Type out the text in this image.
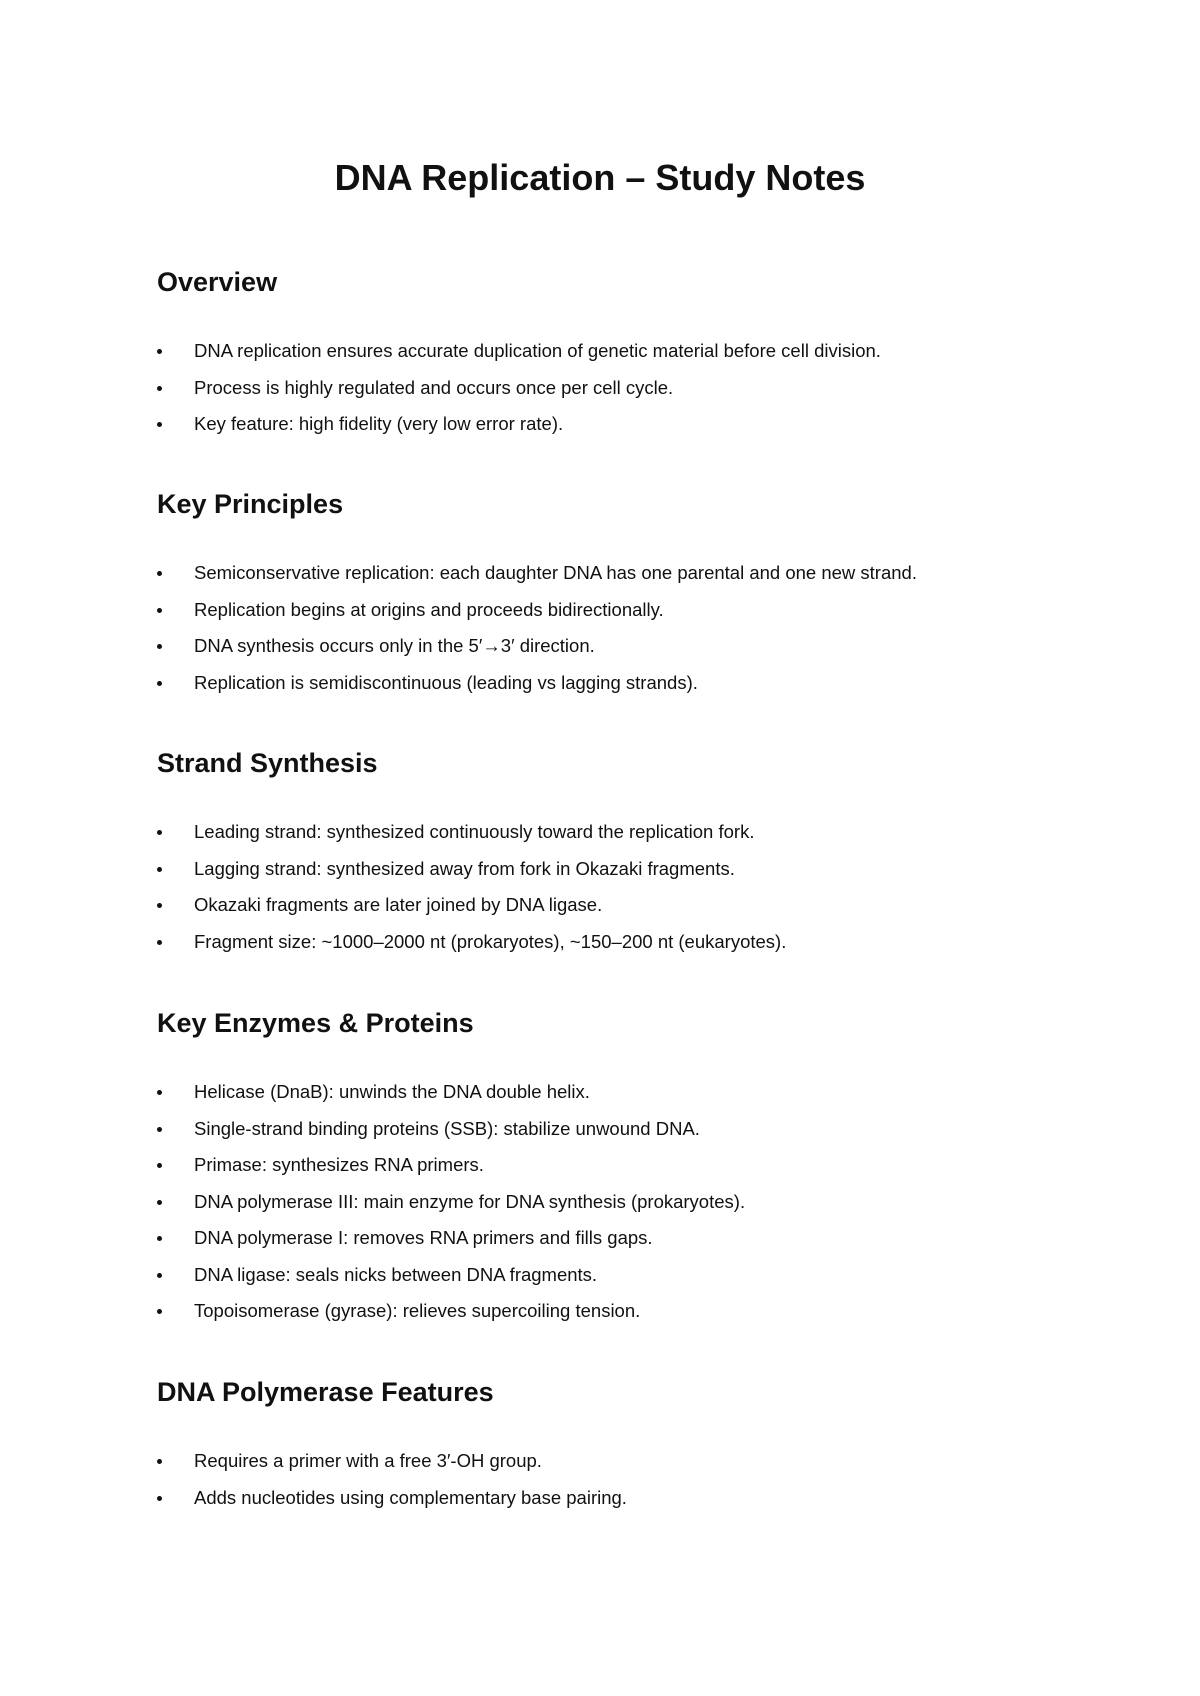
DNA Replication – Study Notes
Overview
DNA replication ensures accurate duplication of genetic material before cell division.
Process is highly regulated and occurs once per cell cycle.
Key feature: high fidelity (very low error rate).
Key Principles
Semiconservative replication: each daughter DNA has one parental and one new strand.
Replication begins at origins and proceeds bidirectionally.
DNA synthesis occurs only in the 5′→3′ direction.
Replication is semidiscontinuous (leading vs lagging strands).
Strand Synthesis
Leading strand: synthesized continuously toward the replication fork.
Lagging strand: synthesized away from fork in Okazaki fragments.
Okazaki fragments are later joined by DNA ligase.
Fragment size: ~1000–2000 nt (prokaryotes), ~150–200 nt (eukaryotes).
Key Enzymes & Proteins
Helicase (DnaB): unwinds the DNA double helix.
Single-strand binding proteins (SSB): stabilize unwound DNA.
Primase: synthesizes RNA primers.
DNA polymerase III: main enzyme for DNA synthesis (prokaryotes).
DNA polymerase I: removes RNA primers and fills gaps.
DNA ligase: seals nicks between DNA fragments.
Topoisomerase (gyrase): relieves supercoiling tension.
DNA Polymerase Features
Requires a primer with a free 3′-OH group.
Adds nucleotides using complementary base pairing.
